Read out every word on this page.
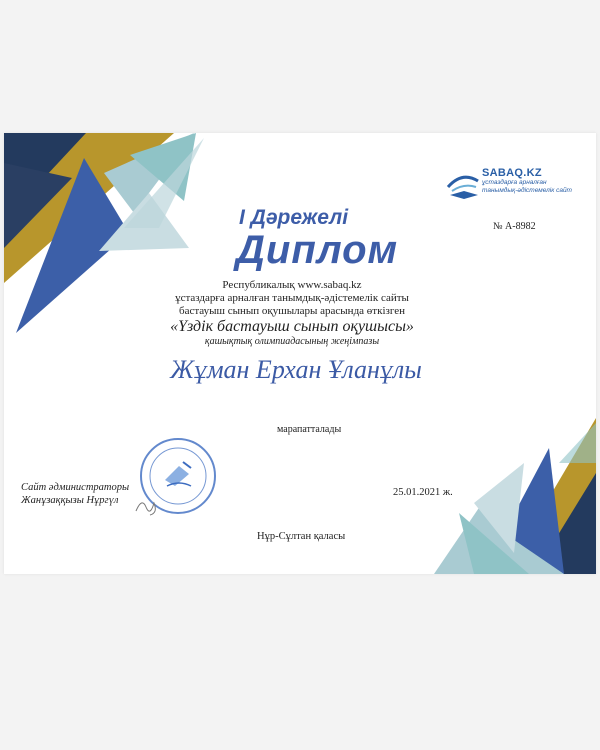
SABAQ.KZ
ұстаздарға арналған
танымдық-әдістемелік сайт
І Дәрежелі
Диплом
№ А-8982
Республикалық www.sabaq.kz
ұстаздарға арналған танымдық-әдістемелік сайты
бастауыш сынып оқушылары арасында өткізген
«Үздік бастауыш сынып оқушысы»
қашықтық олимпиадасының жеңімпазы
Жұман Ерхан Ұланұлы
марапатталады
Сайт әдминистраторы
Жанұзаққызы Нұргүл
25.01.2021 ж.
Нұр-Сұлтан қаласы
